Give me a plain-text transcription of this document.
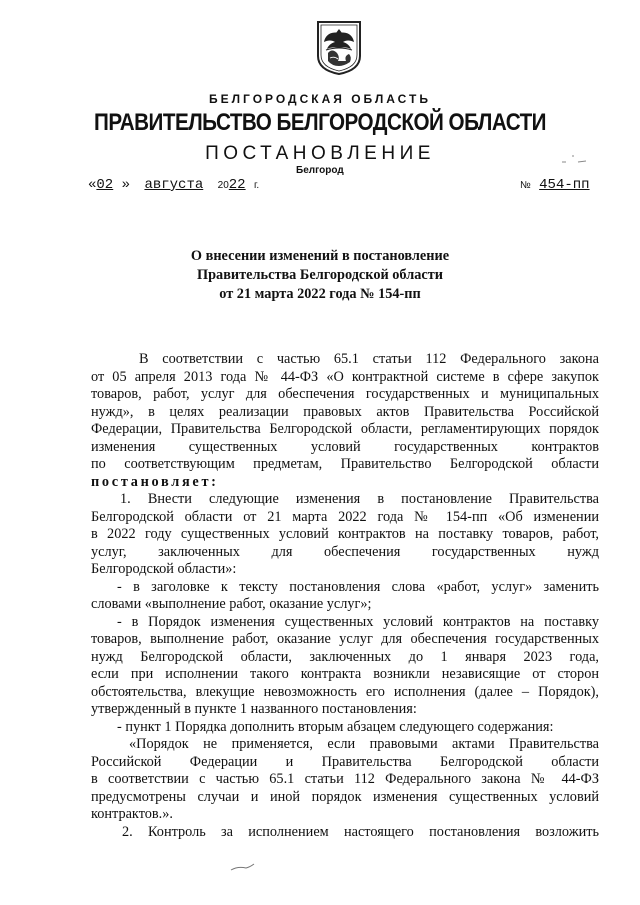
БЕЛГОРОДСКАЯ ОБЛАСТЬ
ПРАВИТЕЛЬСТВО БЕЛГОРОДСКОЙ ОБЛАСТИ
ПОСТАНОВЛЕНИЕ
Белгород
«02 » августа 2022 г.	№ 454-пп
О внесении изменений в постановление
Правительства Белгородской области
от 21 марта 2022 года № 154-пп
В соответствии с частью 65.1 статьи 112 Федерального закона
от 05 апреля 2013 года № 44-ФЗ «О контрактной системе в сфере закупок
товаров, работ, услуг для обеспечения государственных и муниципальных
нужд», в целях реализации правовых актов Правительства Российской
Федерации, Правительства Белгородской области, регламентирующих порядок
изменения существенных условий государственных контрактов
по соответствующим предметам, Правительство Белгородской области
постановляет:
1. Внести следующие изменения в постановление Правительства
Белгородской области от 21 марта 2022 года № 154-пп «Об изменении
в 2022 году существенных условий контрактов на поставку товаров, работ,
услуг, заключенных для обеспечения государственных нужд
Белгородской области»:
- в заголовке к тексту постановления слова «работ, услуг» заменить
словами «выполнение работ, оказание услуг»;
- в Порядок изменения существенных условий контрактов на поставку
товаров, выполнение работ, оказание услуг для обеспечения государственных
нужд Белгородской области, заключенных до 1 января 2023 года,
если при исполнении такого контракта возникли независящие от сторон
обстоятельства, влекущие невозможность его исполнения (далее – Порядок),
утвержденный в пункте 1 названного постановления:
- пункт 1 Порядка дополнить вторым абзацем следующего содержания:
«Порядок не применяется, если правовыми актами Правительства
Российской Федерации и Правительства Белгородской области
в соответствии с частью 65.1 статьи 112 Федерального закона № 44-ФЗ
предусмотрены случаи и иной порядок изменения существенных условий
контрактов.».
2. Контроль за исполнением настоящего постановления возложить
